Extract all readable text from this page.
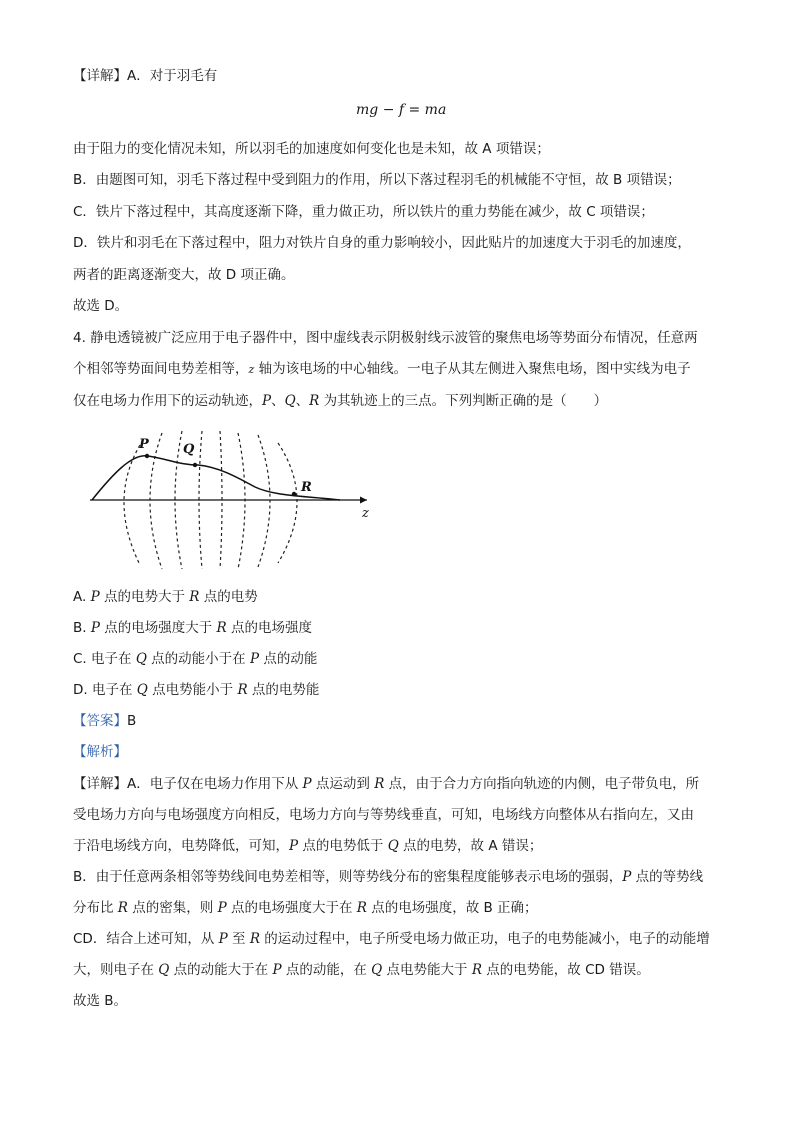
【详解】A．对于羽毛有
mg − f = ma
由于阻力的变化情况未知，所以羽毛的加速度如何变化也是未知，故 A 项错误；
B．由题图可知，羽毛下落过程中受到阻力的作用，所以下落过程羽毛的机械能不守恒，故 B 项错误；
C．铁片下落过程中，其高度逐渐下降，重力做正功，所以铁片的重力势能在减少，故 C 项错误；
D．铁片和羽毛在下落过程中，阻力对铁片自身的重力影响较小，因此贴片的加速度大于羽毛的加速度，
两者的距离逐渐变大，故 D 项正确。
故选 D。
4. 静电透镜被广泛应用于电子器件中，图中虚线表示阴极射线示波管的聚焦电场等势面分布情况，任意两
个相邻等势面间电势差相等，z 轴为该电场的中心轴线。一电子从其左侧进入聚焦电场，图中实线为电子
仅在电场力作用下的运动轨迹，P、Q、R 为其轨迹上的三点。下列判断正确的是（　　）
P	Q
R
z
A. P 点的电势大于 R 点的电势
B. P 点的电场强度大于 R 点的电场强度
C. 电子在 Q 点的动能小于在 P 点的动能
D. 电子在 Q 点电势能小于 R 点的电势能
【答案】B
【解析】
【详解】A．电子仅在电场力作用下从 P 点运动到 R 点，由于合力方向指向轨迹的内侧，电子带负电，所
受电场力方向与电场强度方向相反，电场力方向与等势线垂直，可知，电场线方向整体从右指向左，又由
于沿电场线方向，电势降低，可知，P 点的电势低于 Q 点的电势，故 A 错误；
B．由于任意两条相邻等势线间电势差相等，则等势线分布的密集程度能够表示电场的强弱，P 点的等势线
分布比 R 点的密集，则 P 点的电场强度大于在 R 点的电场强度，故 B 正确；
CD．结合上述可知，从 P 至 R 的运动过程中，电子所受电场力做正功，电子的电势能减小，电子的动能增
大，则电子在 Q 点的动能大于在 P 点的动能，在 Q 点电势能大于 R 点的电势能，故 CD 错误。
故选 B。
